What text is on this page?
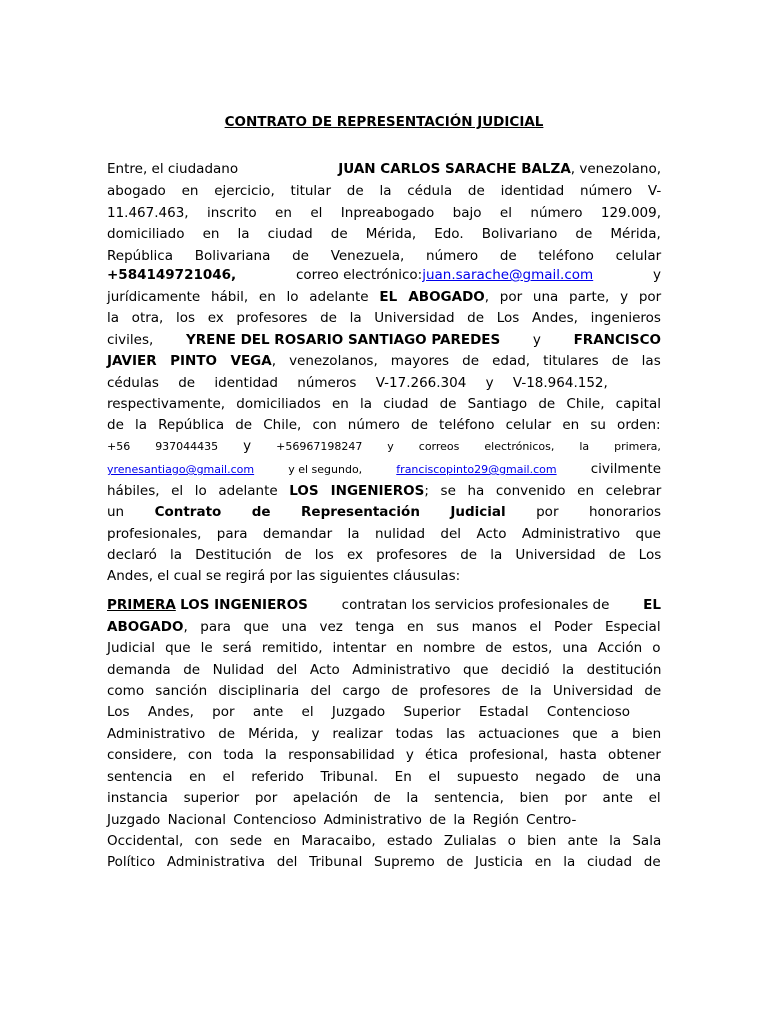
CONTRATO DE REPRESENTACIÓN JUDICIAL
Entre, el ciudadano	JUAN CARLOS SARACHE BALZA, venezolano,
abogado en ejercicio, titular de la cédula de identidad número V-
11.467.463, inscrito en el Inpreabogado bajo el número 129.009,
domiciliado en la ciudad de Mérida, Edo. Bolivariano de Mérida,
República Bolivariana de Venezuela, número de teléfono celular
+584149721046,	correo electrónico:juan.sarache@gmail.com	y
jurídicamente hábil, en lo adelante EL ABOGADO, por una parte, y por
la otra, los ex profesores de la Universidad de Los Andes, ingenieros
civiles, YRENE DEL ROSARIO SANTIAGO PAREDES y FRANCISCO
JAVIER PINTO VEGA, venezolanos, mayores de edad, titulares de las
cédulas de identidad números V-17.266.304 y V-18.964.152,
respectivamente, domiciliados en la ciudad de Santiago de Chile, capital
de la República de Chile, con número de teléfono celular en su orden:
+56 937044435 y +56967198247 y correos electrónicos, la primera,
yrenesantiago@gmail.com	y el segundo,	franciscopinto29@gmail.com	civilmente
hábiles, el lo adelante LOS INGENIEROS; se ha convenido en celebrar
un Contrato de Representación Judicial por honorarios
profesionales, para demandar la nulidad del Acto Administrativo que
declaró la Destitución de los ex profesores de la Universidad de Los
Andes, el cual se regirá por las siguientes cláusulas:
PRIMERA LOS INGENIEROS	contratan los servicios profesionales de	EL
ABOGADO, para que una vez tenga en sus manos el Poder Especial
Judicial que le será remitido, intentar en nombre de estos, una Acción o
demanda de Nulidad del Acto Administrativo que decidió la destitución
como sanción disciplinaria del cargo de profesores de la Universidad de
Los Andes, por ante el Juzgado Superior Estadal Contencioso
Administrativo de Mérida, y realizar todas las actuaciones que a bien
considere, con toda la responsabilidad y ética profesional, hasta obtener
sentencia en el referido Tribunal. En el supuesto negado de una
instancia superior por apelación de la sentencia, bien por ante el
Juzgado Nacional Contencioso Administrativo de la Región Centro-
Occidental, con sede en Maracaibo, estado Zulialas o bien ante la Sala
Político Administrativa del Tribunal Supremo de Justicia en la ciudad de
